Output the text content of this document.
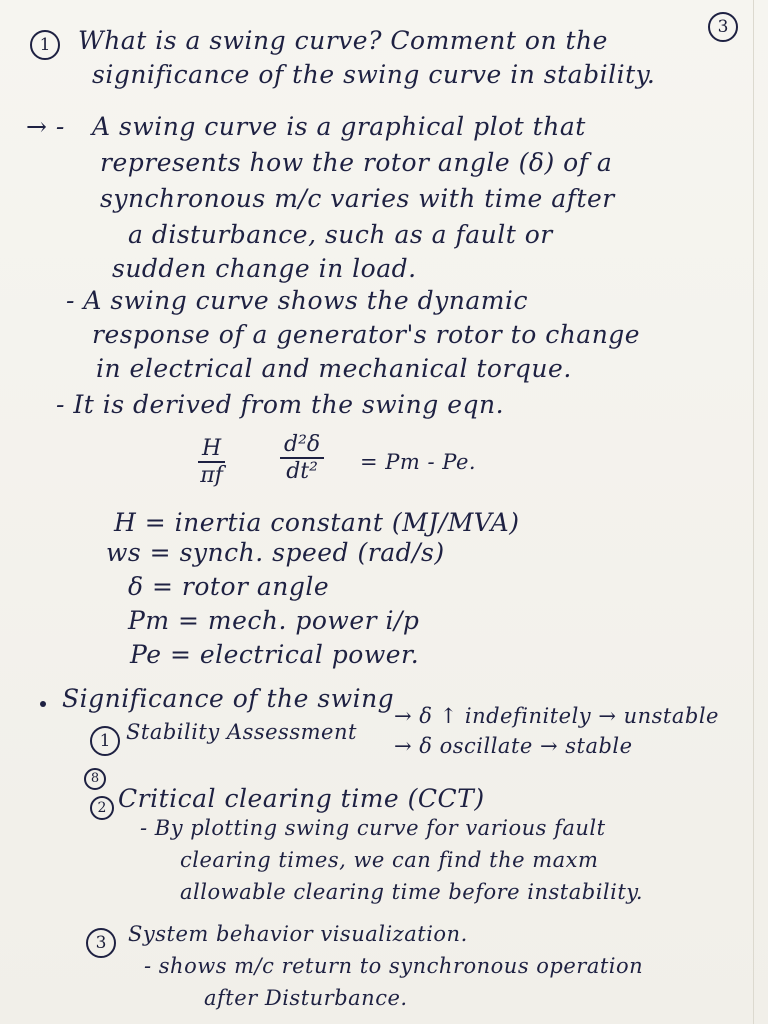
3
1	What is a swing curve? Comment on the
significance of the swing curve in stability.
→ - A swing curve is a graphical plot that
represents how the rotor angle (δ) of a
synchronous m/c varies with time after
a disturbance, such as a fault or
sudden change in load.
- A swing curve shows the dynamic
response of a generator's rotor to change
in electrical and mechanical torque.
- It is derived from the swing eqn.
$\frac{H}{\pi f} \frac{\text{d²δ}}{\text{dt²}} = Pm - Pe$.
H = inertia constant (MJ/MVA)
ws = synch. speed (rad/s)
δ = rotor angle
Pm = mech. power i/p
Pe = electrical power.
Significance of the swing
1 Stability Assessment
→ δ ↑ indefinitely → unstable
→ δ oscillate → stable
8
2 Critical clearing time (CCT)
- By plotting swing curve for various fault
clearing times, we can find the maxm
allowable clearing time before instability.
3	System behavior visualization.
- shows m/c return to synchronous operation
after Disturbance.
